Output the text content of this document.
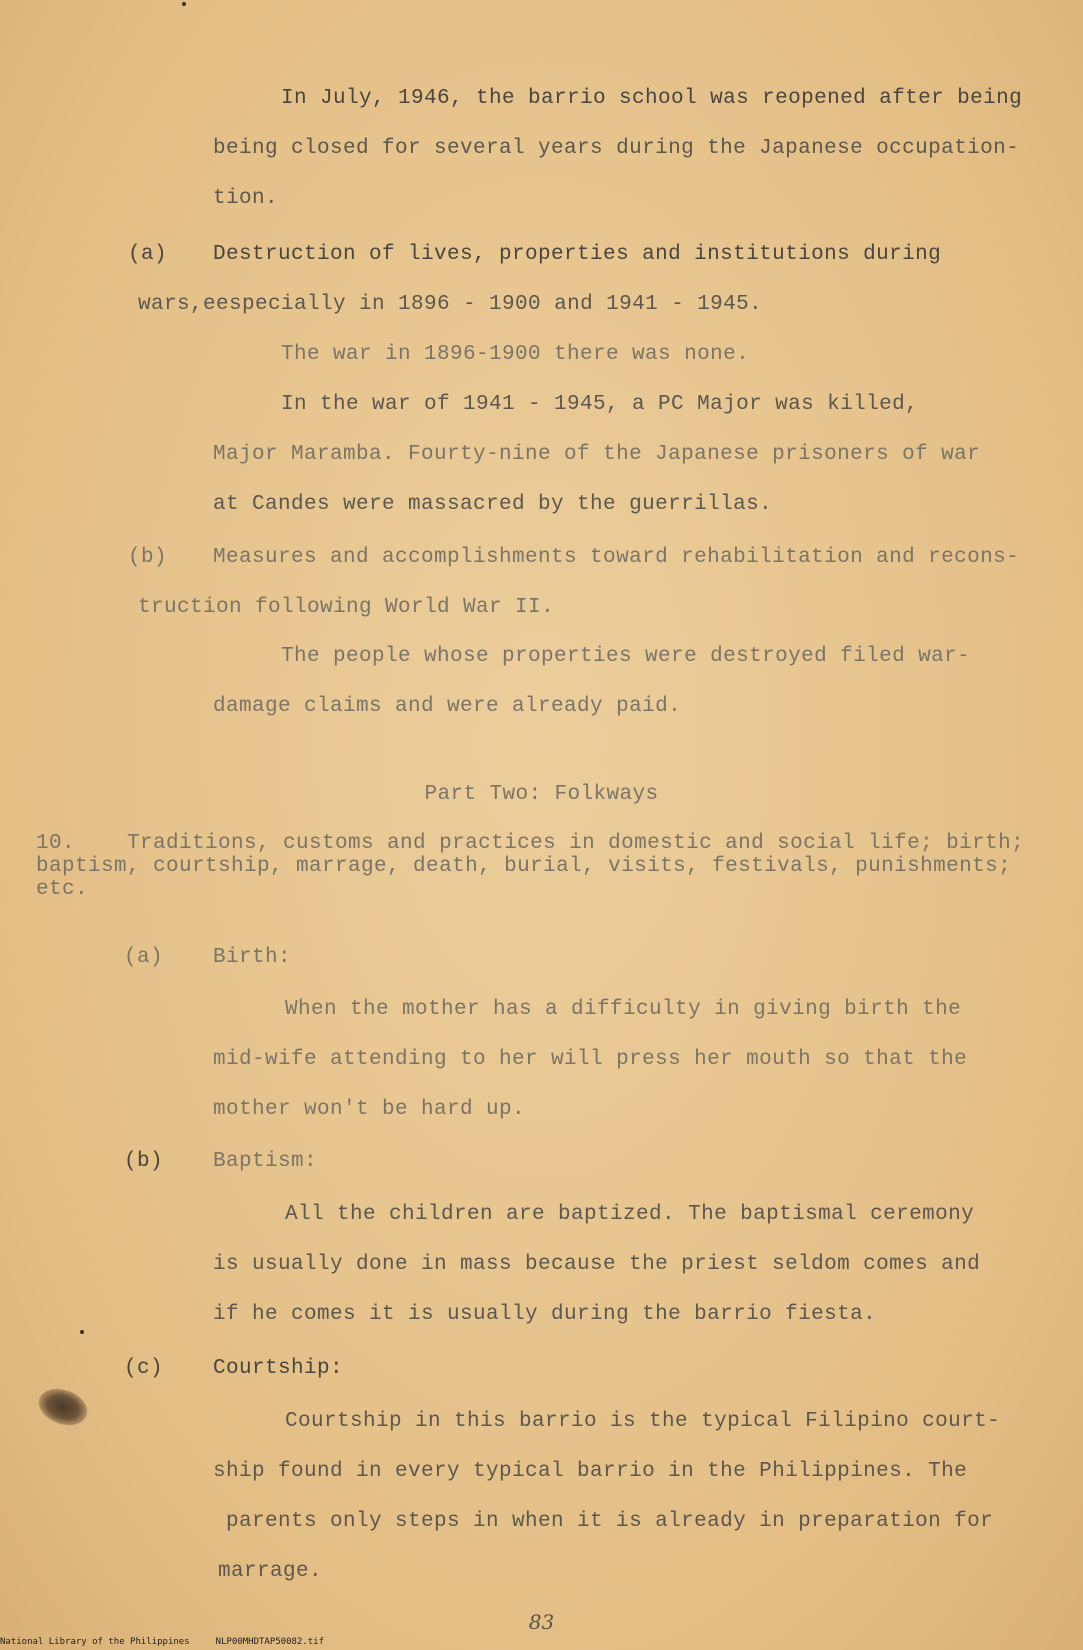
In July, 1946, the barrio school was reopened after being
being closed for several years during the Japanese occupation-
tion.
(a) Destruction of lives, properties and institutions during
wars,eespecially in 1896 - 1900 and 1941 - 1945.
The war in 1896-1900 there was none.
In the war of 1941 - 1945, a PC Major was killed,
Major Maramba. Fourty-nine of the Japanese prisoners of war
at Candes were massacred by the guerrillas.
(b) Measures and accomplishments toward rehabilitation and recons-
truction following World War II.
The people whose properties were destroyed filed war-
damage claims and were already paid.
Part Two: Folkways
10.    Traditions, customs and practices in domestic and social life; birth;
baptism, courtship, marrage, death, burial, visits, festivals, punishments;
etc.
(a) Birth:
When the mother has a difficulty in giving birth the
mid-wife attending to her will press her mouth so that the
mother won't be hard up.
(b) Baptism:
All the children are baptized. The baptismal ceremony
is usually done in mass because the priest seldom comes and
if he comes it is usually during the barrio fiesta.
(c) Courtship:
Courtship in this barrio is the typical Filipino court-
ship found in every typical barrio in the Philippines. The
parents only steps in when it is already in preparation for
marrage.
83
National Library of the Philippines	NLP00MHDTAP50082.tif
